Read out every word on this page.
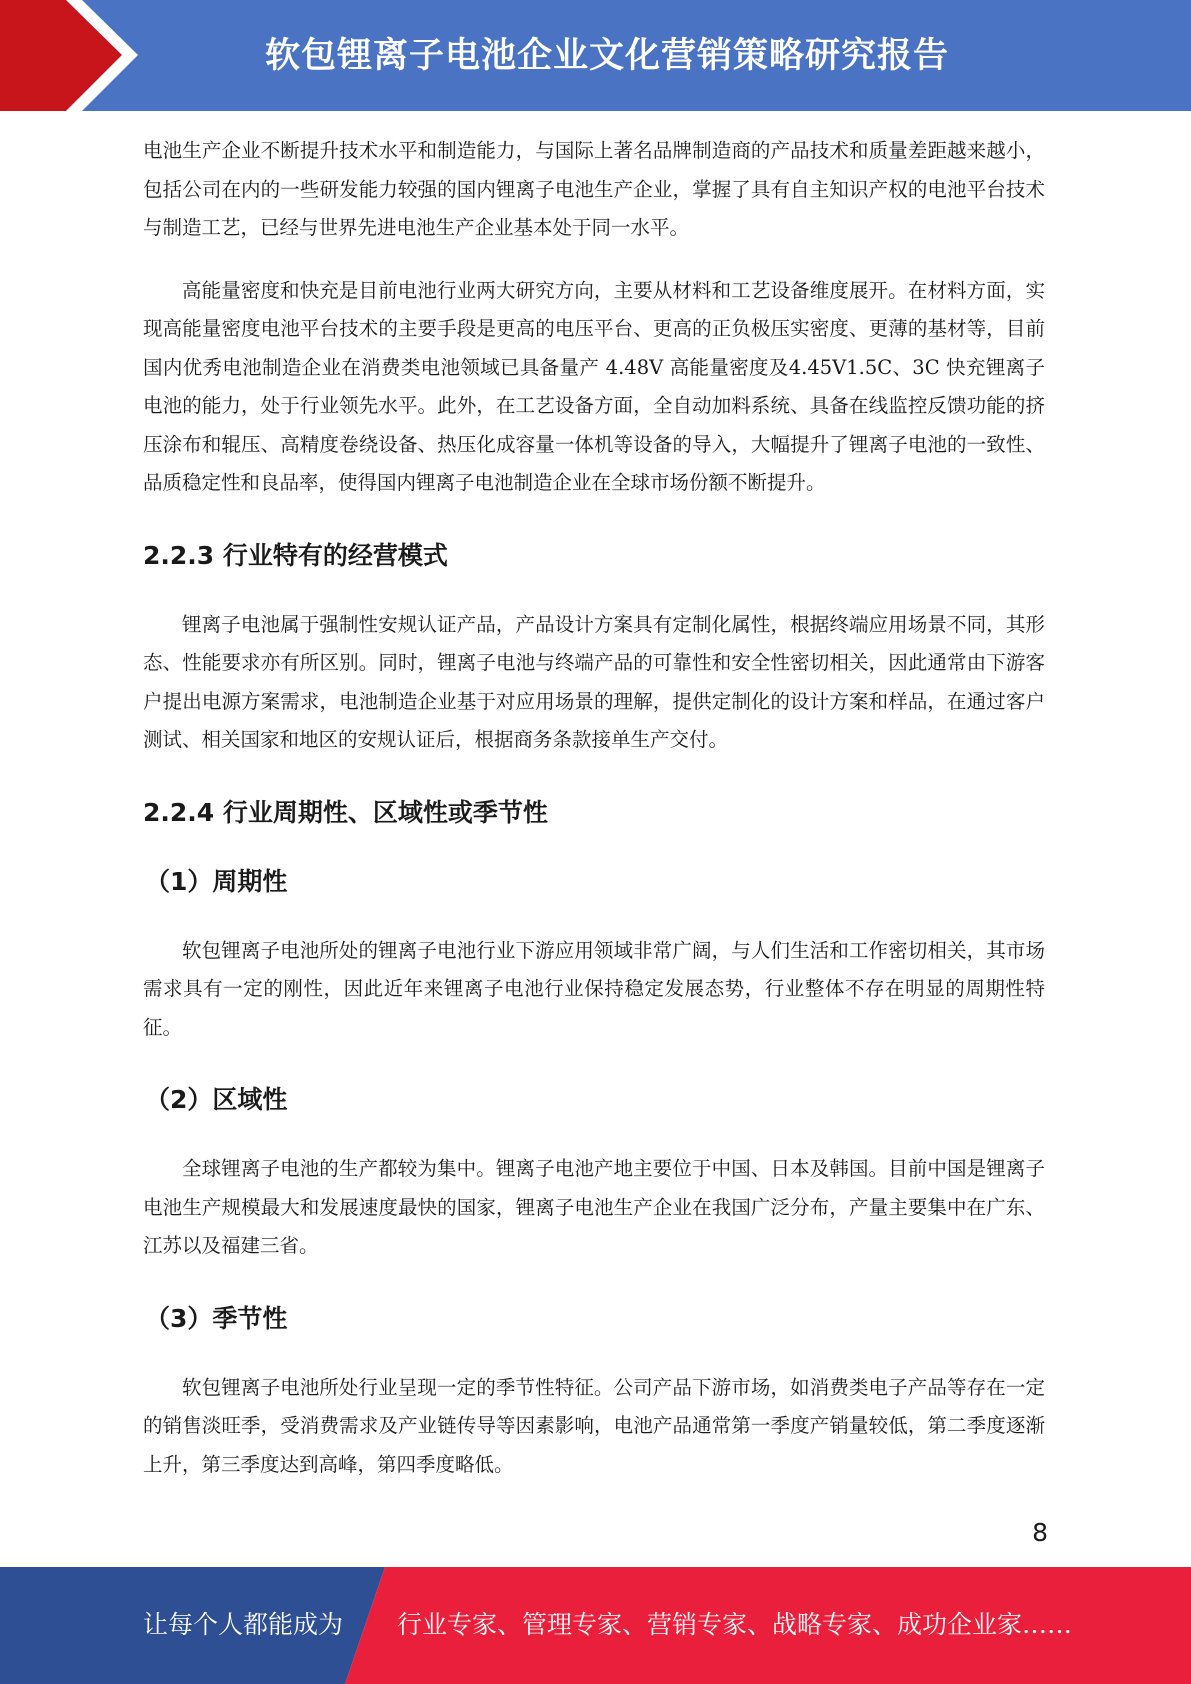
软包锂离子电池企业文化营销策略研究报告

电池生产企业不断提升技术水平和制造能力，与国际上著名品牌制造商的产品技术和质量差距越来越小，包括公司在内的一些研发能力较强的国内锂离子电池生产企业，掌握了具有自主知识产权的电池平台技术与制造工艺，已经与世界先进电池生产企业基本处于同一水平。

高能量密度和快充是目前电池行业两大研究方向，主要从材料和工艺设备维度展开。在材料方面，实现高能量密度电池平台技术的主要手段是更高的电压平台、更高的正负极压实密度、更薄的基材等，目前国内优秀电池制造企业在消费类电池领域已具备量产 4.48V 高能量密度及4.45V1.5C、3C 快充锂离子电池的能力，处于行业领先水平。此外，在工艺设备方面，全自动加料系统、具备在线监控反馈功能的挤压涂布和辊压、高精度卷绕设备、热压化成容量一体机等设备的导入，大幅提升了锂离子电池的一致性、品质稳定性和良品率，使得国内锂离子电池制造企业在全球市场份额不断提升。

2.2.3 行业特有的经营模式

锂离子电池属于强制性安规认证产品，产品设计方案具有定制化属性，根据终端应用场景不同，其形态、性能要求亦有所区别。同时，锂离子电池与终端产品的可靠性和安全性密切相关，因此通常由下游客户提出电源方案需求，电池制造企业基于对应用场景的理解，提供定制化的设计方案和样品，在通过客户测试、相关国家和地区的安规认证后，根据商务条款接单生产交付。

2.2.4 行业周期性、区域性或季节性
（1）周期性

软包锂离子电池所处的锂离子电池行业下游应用领域非常广阔，与人们生活和工作密切相关，其市场需求具有一定的刚性，因此近年来锂离子电池行业保持稳定发展态势，行业整体不存在明显的周期性特征。

（2）区域性

全球锂离子电池的生产都较为集中。锂离子电池产地主要位于中国、日本及韩国。目前中国是锂离子电池生产规模最大和发展速度最快的国家，锂离子电池生产企业在我国广泛分布，产量主要集中在广东、江苏以及福建三省。

（3）季节性

软包锂离子电池所处行业呈现一定的季节性特征。公司产品下游市场，如消费类电子产品等存在一定的销售淡旺季，受消费需求及产业链传导等因素影响，电池产品通常第一季度产销量较低，第二季度逐渐上升，第三季度达到高峰，第四季度略低。

8
让每个人都能成为 行业专家、管理专家、营销专家、战略专家、成功企业家……
